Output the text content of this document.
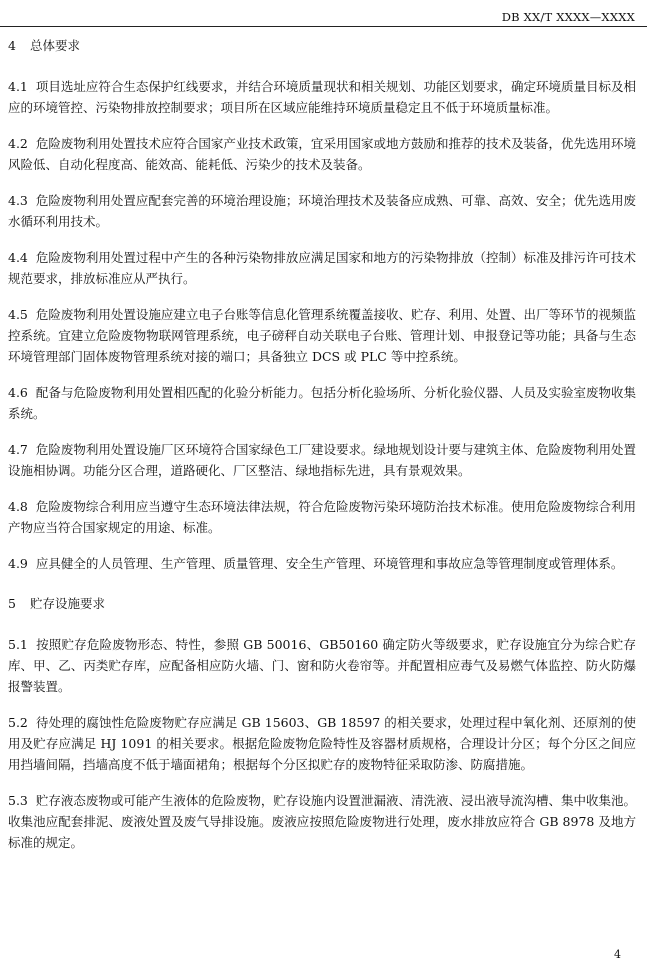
DB XX/T XXXX—XXXX
4 总体要求

4.1 项目选址应符合生态保护红线要求，并结合环境质量现状和相关规划、功能区划要求，确定环境质量目标及相应的环境管控、污染物排放控制要求；项目所在区域应能维持环境质量稳定且不低于环境质量标准。

4.2 危险废物利用处置技术应符合国家产业技术政策，宜采用国家或地方鼓励和推荐的技术及装备，优先选用环境风险低、自动化程度高、能效高、能耗低、污染少的技术及装备。

4.3 危险废物利用处置应配套完善的环境治理设施；环境治理技术及装备应成熟、可靠、高效、安全；优先选用废水循环利用技术。

4.4 危险废物利用处置过程中产生的各种污染物排放应满足国家和地方的污染物排放（控制）标准及排污许可技术规范要求，排放标准应从严执行。

4.5 危险废物利用处置设施应建立电子台账等信息化管理系统覆盖接收、贮存、利用、处置、出厂等环节的视频监控系统。宜建立危险废物物联网管理系统，电子磅秤自动关联电子台账、管理计划、申报登记等功能；具备与生态环境管理部门固体废物管理系统对接的端口；具备独立 DCS 或 PLC 等中控系统。

4.6 配备与危险废物利用处置相匹配的化验分析能力。包括分析化验场所、分析化验仪器、人员及实验室废物收集系统。

4.7 危险废物利用处置设施厂区环境符合国家绿色工厂建设要求。绿地规划设计要与建筑主体、危险废物利用处置设施相协调。功能分区合理，道路硬化、厂区整洁、绿地指标先进，具有景观效果。

4.8 危险废物综合利用应当遵守生态环境法律法规，符合危险废物污染环境防治技术标准。使用危险废物综合利用产物应当符合国家规定的用途、标准。

4.9 应具健全的人员管理、生产管理、质量管理、安全生产管理、环境管理和事故应急等管理制度或管理体系。

5 贮存设施要求

5.1 按照贮存危险废物形态、特性，参照 GB 50016、GB50160 确定防火等级要求，贮存设施宜分为综合贮存库、甲、乙、丙类贮存库，应配备相应防火墙、门、窗和防火卷帘等。并配置相应毒气及易燃气体监控、防火防爆报警装置。

5.2 待处理的腐蚀性危险废物贮存应满足 GB 15603、GB 18597 的相关要求，处理过程中氧化剂、还原剂的使用及贮存应满足 HJ 1091 的相关要求。根据危险废物危险特性及容器材质规格，合理设计分区；每个分区之间应用挡墙间隔，挡墙高度不低于墙面裙角；根据每个分区拟贮存的废物特征采取防渗、防腐措施。

5.3 贮存液态废物或可能产生液体的危险废物，贮存设施内设置泄漏液、清洗液、浸出液导流沟槽、集中收集池。收集池应配套排泥、废液处置及废气导排设施。废液应按照危险废物进行处理，废水排放应符合 GB 8978 及地方标准的规定。

4
